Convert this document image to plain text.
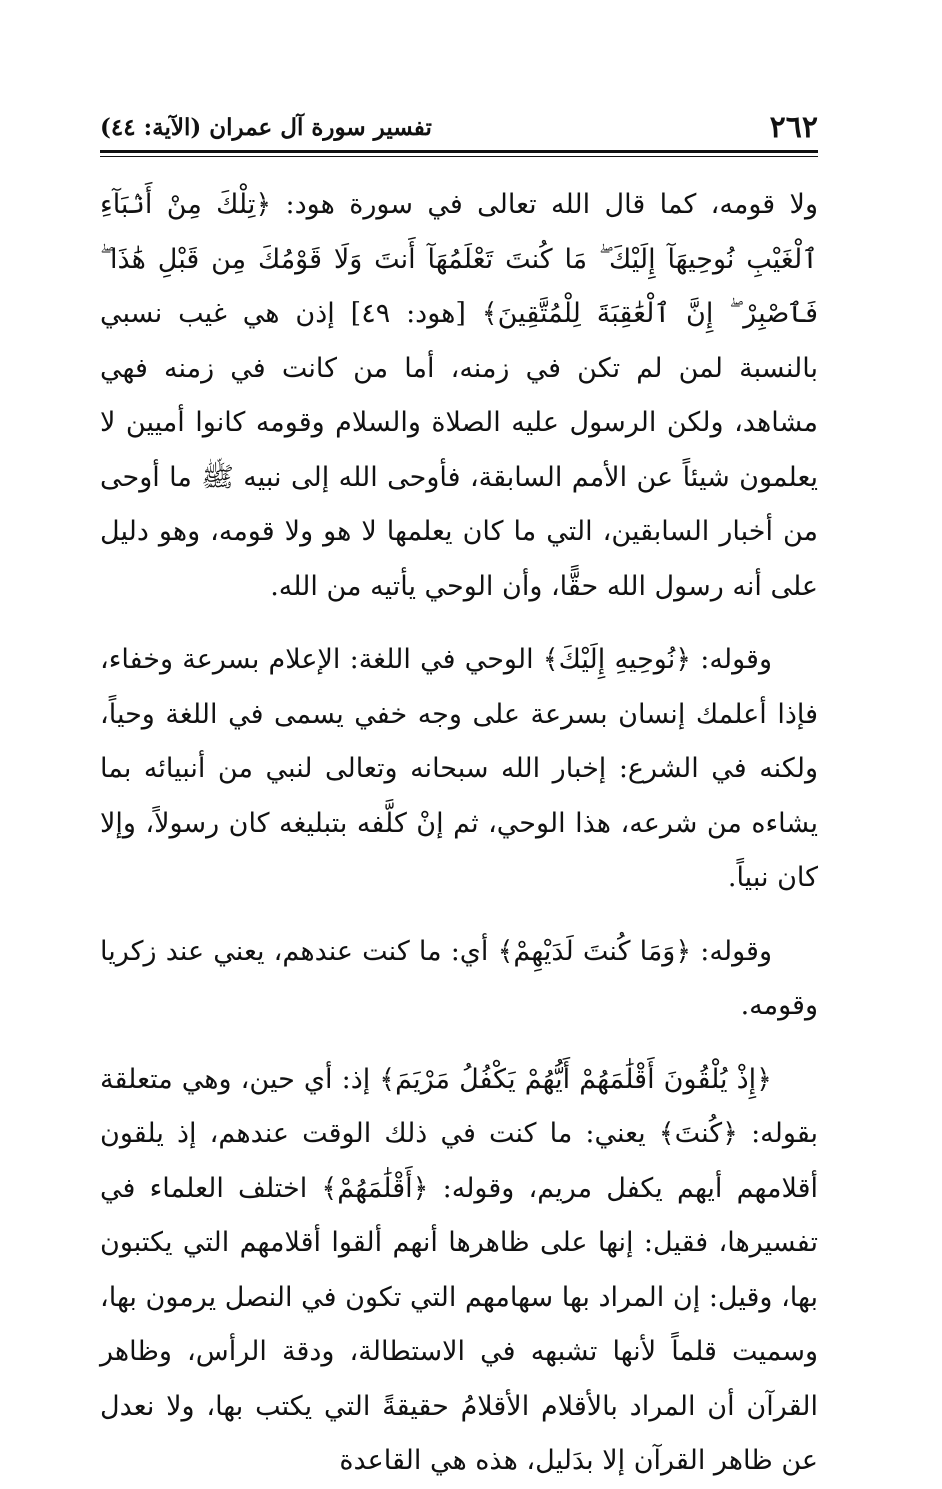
٢٦٢
تفسير سورة آل عمران (الآية: ٤٤)

ولا قومه، كما قال الله تعالى في سورة هود: ﴿تِلْكَ مِنْ أَنۢبَآءِ ٱلْغَيْبِ نُوحِيهَآ إِلَيْكَ ۖ مَا كُنتَ تَعْلَمُهَآ أَنتَ وَلَا قَوْمُكَ مِن قَبْلِ هَٰذَا ۖ فَٱصْبِرْ ۖ إِنَّ ٱلْعَٰقِبَةَ لِلْمُتَّقِينَ﴾ [هود: ٤٩] إذن هي غيب نسبي بالنسبة لمن لم تكن في زمنه، أما من كانت في زمنه فهي مشاهد، ولكن الرسول عليه الصلاة والسلام وقومه كانوا أميين لا يعلمون شيئاً عن الأمم السابقة، فأوحى الله إلى نبيه ﷺ ما أوحى من أخبار السابقين، التي ما كان يعلمها لا هو ولا قومه، وهو دليل على أنه رسول الله حقًّا، وأن الوحي يأتيه من الله.

وقوله: ﴿نُوحِيهِ إِلَيْكَ﴾ الوحي في اللغة: الإعلام بسرعة وخفاء، فإذا أعلمك إنسان بسرعة على وجه خفي يسمى في اللغة وحياً، ولكنه في الشرع: إخبار الله سبحانه وتعالى لنبي من أنبيائه بما يشاءه من شرعه، هذا الوحي، ثم إنْ كلَّفه بتبليغه كان رسولاً، وإلا كان نبياً.

وقوله: ﴿وَمَا كُنتَ لَدَيْهِمْ﴾ أي: ما كنت عندهم، يعني عند زكريا وقومه.

﴿إِذْ يُلْقُونَ أَقْلَٰمَهُمْ أَيُّهُمْ يَكْفُلُ مَرْيَمَ﴾ إذ: أي حين، وهي متعلقة بقوله: ﴿كُنتَ﴾ يعني: ما كنت في ذلك الوقت عندهم، إذ يلقون أقلامهم أيهم يكفل مريم، وقوله: ﴿أَقْلَٰمَهُمْ﴾ اختلف العلماء في تفسيرها، فقيل: إنها على ظاهرها أنهم ألقوا أقلامهم التي يكتبون بها، وقيل: إن المراد بها سهامهم التي تكون في النصل يرمون بها، وسميت قلماً لأنها تشبهه في الاستطالة، ودقة الرأس، وظاهر القرآن أن المراد بالأقلام الأقلامُ حقيقةً التي يكتب بها، ولا نعدل عن ظاهر القرآن إلا بدَليل، هذه هي القاعدة
